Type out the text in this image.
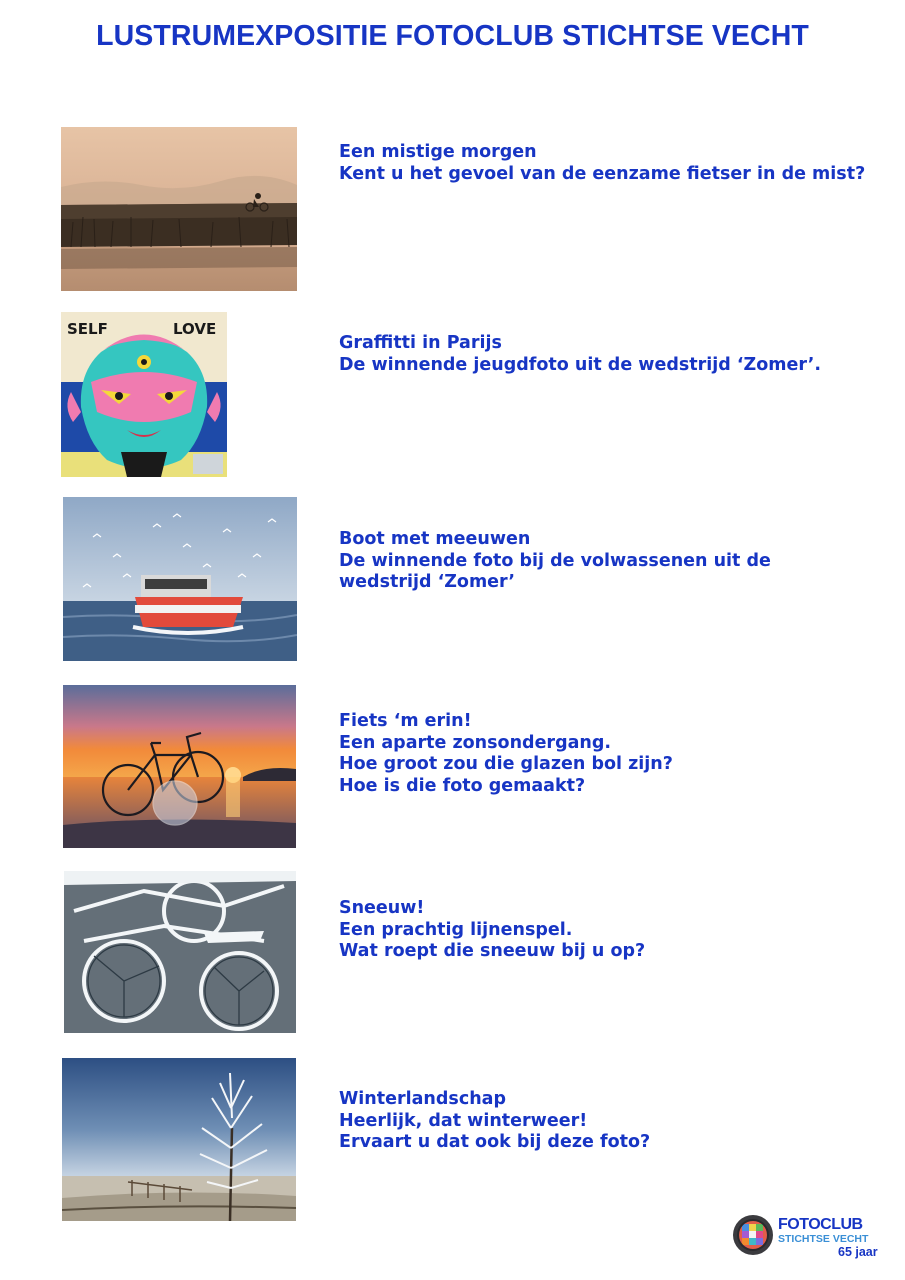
LUSTRUMEXPOSITIE FOTOCLUB STICHTSE VECHT
Een mistige morgen
Kent u het gevoel van de eenzame fietser in de mist?
SELF	LOVE
Graffitti in Parijs
De winnende jeugdfoto uit de wedstrijd ‘Zomer’.
Boot met meeuwen
De winnende foto bij de volwassenen uit de
wedstrijd ‘Zomer’
Fiets ‘m erin!
Een aparte zonsondergang.
Hoe groot zou die glazen bol zijn?
Hoe is die foto gemaakt?
Sneeuw!
Een prachtig lijnenspel.
Wat roept die sneeuw bij u op?
Winterlandschap
Heerlijk, dat winterweer!
Ervaart u dat ook bij deze foto?
FOTOCLUB
STICHTSE VECHT
65 jaar
